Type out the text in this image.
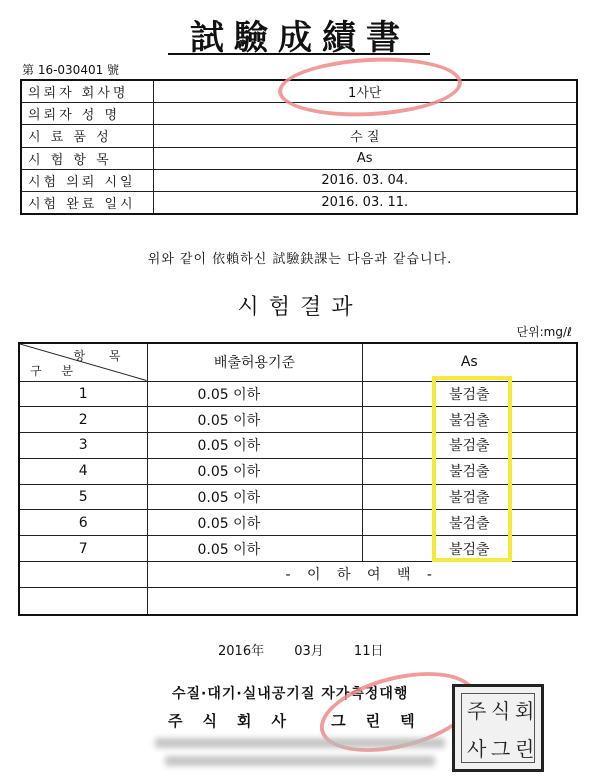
試驗成績書
第 16-030401 號
의뢰자 회사명	1사단
의뢰자 성 명	
시 료 품 성	수 질
시 험 항 목	As
시험 의뢰 시일	2016. 03. 04.
시험 완료 일시	2016. 03. 11.
위와 같이 依賴하신 試驗鈌課는 다음과 같습니다.
시험결과
단위:mg/ℓ
항 목
구 분	배출허용기준	As
1	0.05 이하	불검출
2	0.05 이하	불검출
3	0.05 이하	불검출
4	0.05 이하	불검출
5	0.05 이하	불검출
6	0.05 이하	불검출
7	0.05 이하	불검출
	- 이 하 여 백 -	

2016年 03月 11日
수질·대기·실내공기질 자가측정대행
주식회사 그린텍 주 식 회
사 그 린
